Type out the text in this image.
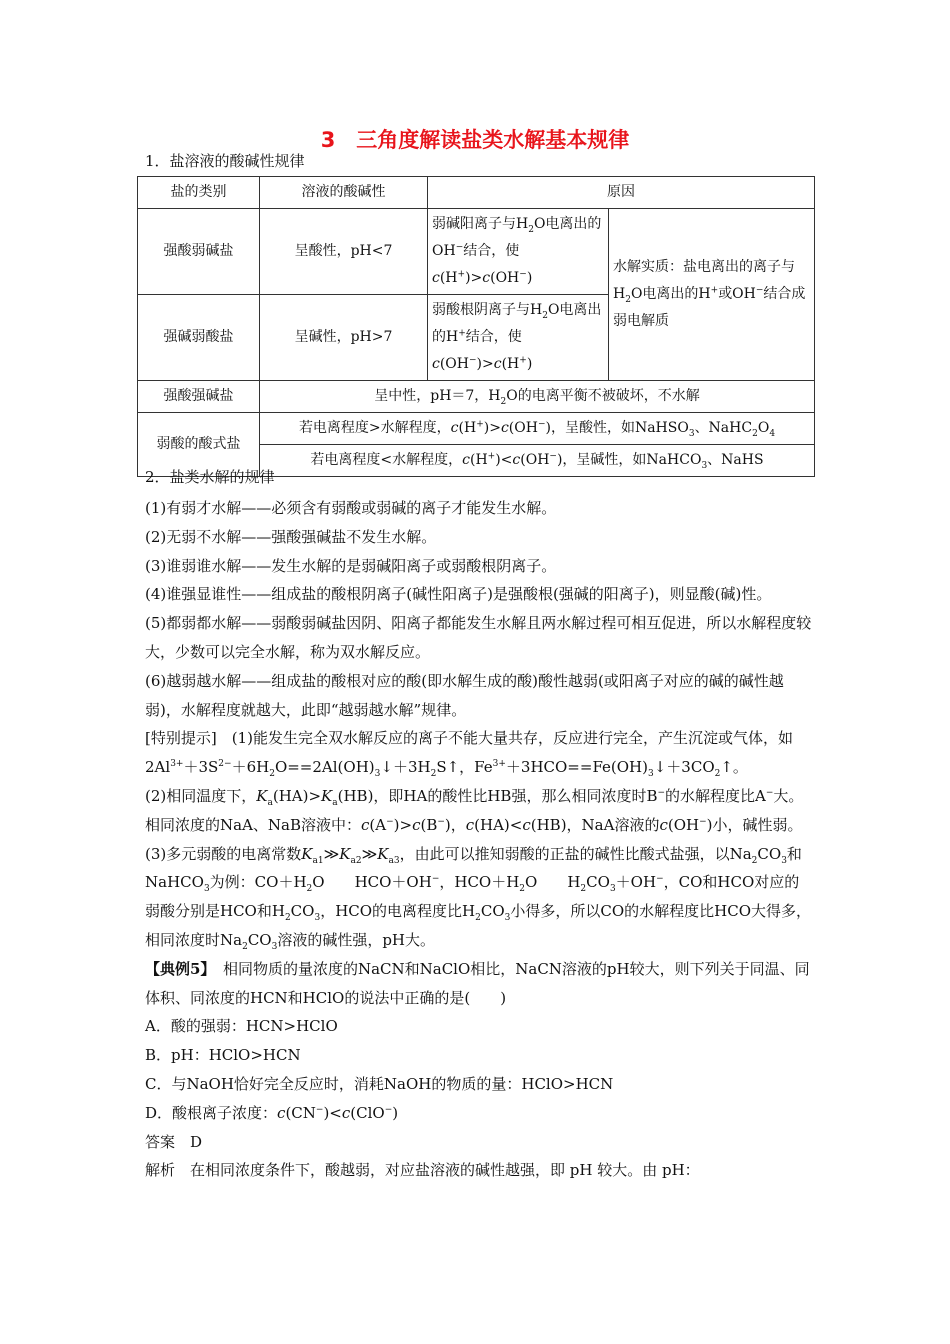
3　三角度解读盐类水解基本规律
1．盐溶液的酸碱性规律
盐的类别	溶液的酸碱性	原因	
强酸弱碱盐	呈酸性，pH<7	弱碱阳离子与$H_2O$电离出的OH−结合，使c(H+)>c(OH−)	水解实质：盐电离出的离子与$H_2O$电离出的H+或OH−结合成弱电解质
强碱弱酸盐	呈碱性，pH>7	弱酸根阴离子与$H_2O$电离出的H+结合，使c(OH−)>c(H+)	
强酸强碱盐	呈中性，pH＝7，$H_2O$的电离平衡不被破坏，不水解		
弱酸的酸式盐	若电离程度>水解程度，c(H+)>c(OH−)，呈酸性，如NaHSO$_3$、$NaHC_2O_4$
	若电离程度<水解程度，c(H+)<c(OH−)，呈碱性，如NaHCO$_3$、NaHS		
2．盐类水解的规律

(1)有弱才水解——必须含有弱酸或弱碱的离子才能发生水解。

(2)无弱不水解——强酸强碱盐不发生水解。

(3)谁弱谁水解——发生水解的是弱碱阳离子或弱酸根阴离子。

(4)谁强显谁性——组成盐的酸根阴离子(碱性阳离子)是强酸根(强碱的阳离子)，则显酸(碱)性。

(5)都弱都水解——弱酸弱碱盐因阴、阳离子都能发生水解且两水解过程可相互促进，所以水解程度较大，少数可以完全水解，称为双水解反应。

(6)越弱越水解——组成盐的酸根对应的酸(即水解生成的酸)酸性越弱(或阳离子对应的碱的碱性越弱)，水解程度就越大，此即“越弱越水解”规律。

[特别提示]　(1)能发生完全双水解反应的离子不能大量共存，反应进行完全，产生沉淀或气体，如$2Al^{3+}+3S^{2-}+6H_2O==2Al(OH)_3↓+3H_2S↑$，$Fe^{3+}+3HCO==Fe(OH)_3↓+3CO_2↑$。

(2)相同温度下，$K_a(HA)>K_a(HB)$，即HA的酸性比HB强，那么相同浓度时B−的水解程度比A−大。相同浓度的NaA、NaB溶液中：c(A−)>c(B−)，c(HA)<c(HB)，NaA溶液的c(OH−)小，碱性弱。

(3)多元弱酸的电离常数$K_{a1}≫K_{a2}≫K_{a3}$，由此可以推知弱酸的正盐的碱性比酸式盐强，以$Na_2CO_3$和NaHCO$_3$为例：$CO+H_2O$　　HCO＋OH−，$HCO+H_2O$　　$H_2CO_3+OH^-$，CO和HCO对应的弱酸分别是HCO和$H_2CO_3$，HCO的电离程度比$H_2CO_3$小得多，所以CO的水解程度比HCO大得多，相同浓度时$Na_2CO_3$溶液的碱性强，pH大。

【典例5】　 相同物质的量浓度的NaCN和NaClO相比，NaCN溶液的pH较大，则下列关于同温、同体积、同浓度的HCN和HClO的说法中正确的是(　　)

A．酸的强弱：HCN>HClO

B．pH：HClO>HCN

C．与NaOH恰好完全反应时，消耗NaOH的物质的量：HClO>HCN

D．酸根离子浓度：c(CN−)<c(ClO−)

答案　D

解析　在相同浓度条件下，酸越弱，对应盐溶液的碱性越强，即 pH 较大。由 pH：
